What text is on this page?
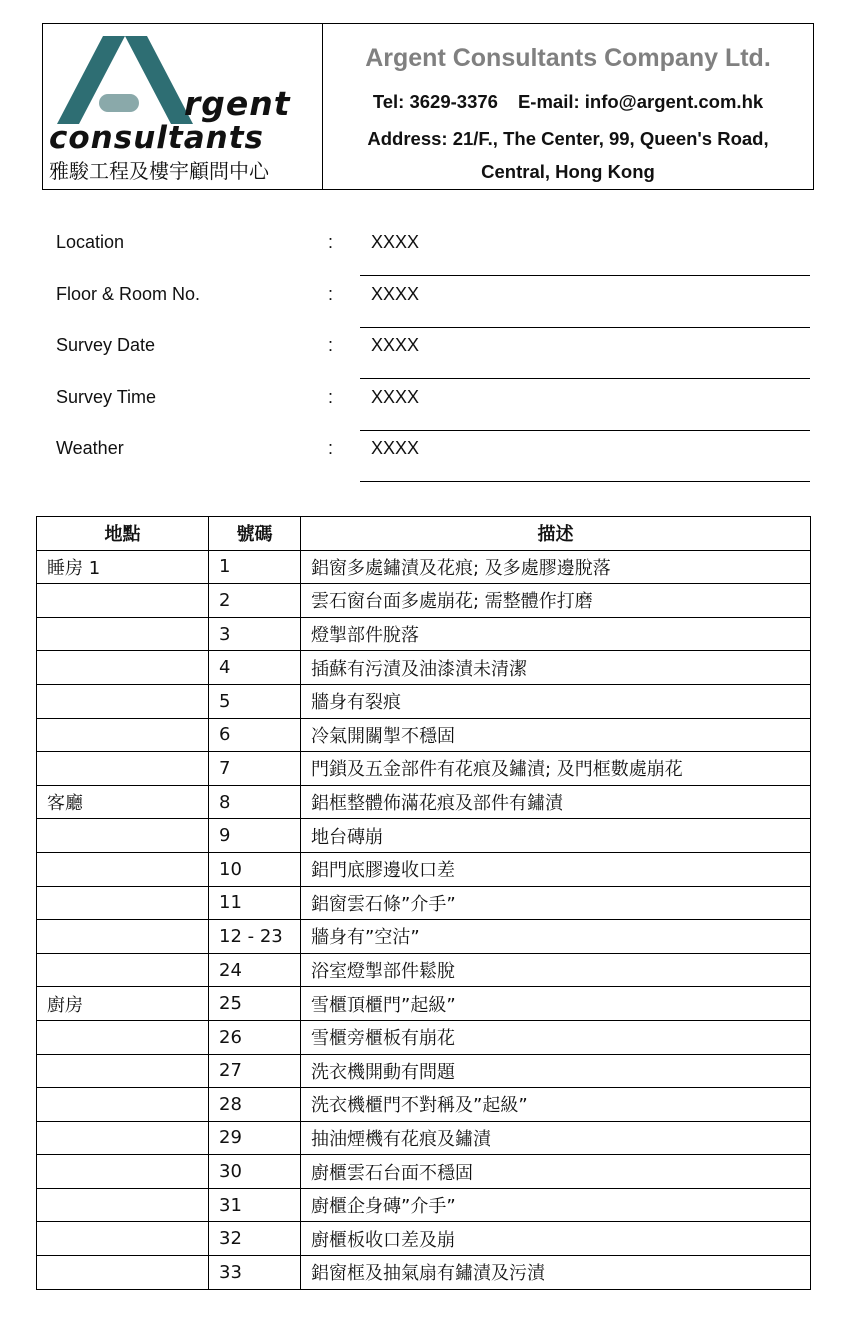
rgent
consultants
雅駿工程及樓宇顧問中心
Argent Consultants Company Ltd.
Tel: 3629-3376 E-mail: info@argent.com.hk
Address: 21/F., The Center, 99, Queen's Road,
Central, Hong Kong
Location	: XXXX
Floor & Room No.	: XXXX
Survey Date	: XXXX
Survey Time	: XXXX
Weather	: XXXX
地點	號碼	描述
睡房 1	1	鋁窗多處鏽漬及花痕; 及多處膠邊脫落
	2	雲石窗台面多處崩花; 需整體作打磨
	3	燈掣部件脫落
	4	插蘇有污漬及油漆漬未清潔
	5	牆身有裂痕
	6	冷氣開關掣不穩固
	7	門鎖及五金部件有花痕及鏽漬; 及門框數處崩花
客廳	8	鋁框整體佈滿花痕及部件有鏽漬
	9	地台磚崩
	10	鋁門底膠邊收口差
	11	鋁窗雲石條”介手”
	12 - 23	牆身有”空沽”
	24	浴室燈掣部件鬆脫
廚房	25	雪櫃頂櫃門”起級”
	26	雪櫃旁櫃板有崩花
	27	洗衣機開動有問題
	28	洗衣機櫃門不對稱及”起級”
	29	抽油煙機有花痕及鏽漬
	30	廚櫃雲石台面不穩固
	31	廚櫃企身磚”介手”
	32	廚櫃板收口差及崩
	33	鋁窗框及抽氣扇有鏽漬及污漬
